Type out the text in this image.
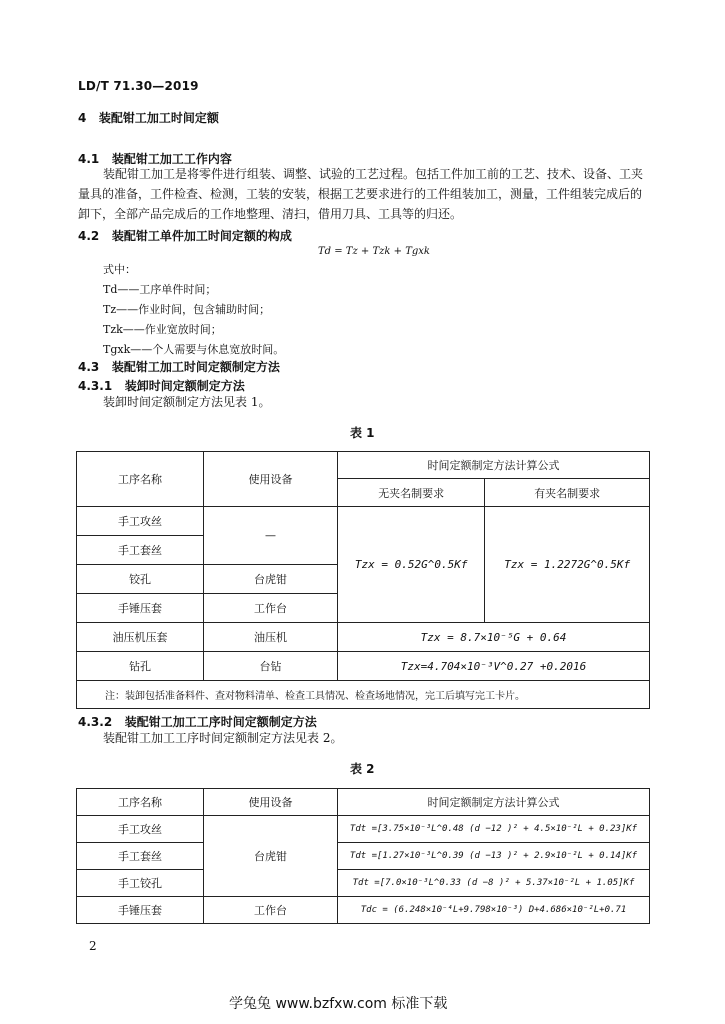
LD/T 71.30—2019
4 装配钳工加工时间定额
4.1 装配钳工加工工作内容
装配钳工加工是将零件进行组装、调整、试验的工艺过程。包括工件加工前的工艺、技术、设备、工夹
量具的准备，工件检查、检测，工装的安装，根据工艺要求进行的工件组装加工，测量，工件组装完成后的
卸下，全部产品完成后的工作地整理、清扫，借用刀具、工具等的归还。
4.2 装配钳工单件加工时间定额的构成
Td = Tz + Tzk + Tgxk
式中：
Td——工序单件时间；
Tz——作业时间，包含辅助时间；
Tzk——作业宽放时间；
Tgxk——个人需要与休息宽放时间。
4.3 装配钳工加工时间定额制定方法
4.3.1 装卸时间定额制定方法
装卸时间定额制定方法见表 1。
表 1
工序名称	使用设备	时间定额制定方法计算公式	
		无夹名制要求	有夹名制要求
手工攻丝	—	Tzx = 0.52G^0.5Kf	Tzx = 1.2272G^0.5Kf
手工套丝			
铰孔	台虎钳		
手锤压套	工作台		
油压机压套	油压机	Tzx = 8.7×10⁻⁵G + 0.64	
钻孔	台钻	Tzx=4.704×10⁻³V^0.27 +0.2016	
注：装卸包括准备料件、查对物料清单、检查工具情况、检查场地情况，完工后填写完工卡片。			
4.3.2 装配钳工加工工序时间定额制定方法
装配钳工加工工序时间定额制定方法见表 2。
表 2
工序名称	使用设备	时间定额制定方法计算公式
手工攻丝	台虎钳	Tdt =[3.75×10⁻³L^0.48 (d −12 )² + 4.5×10⁻²L + 0.23]Kf
手工套丝		Tdt =[1.27×10⁻³L^0.39 (d −13 )² + 2.9×10⁻²L + 0.14]Kf
手工铰孔		Tdt =[7.0×10⁻³L^0.33 (d −8 )² + 5.37×10⁻²L + 1.05]Kf
手锤压套	工作台	Tdc = (6.248×10⁻⁴L+9.798×10⁻³) D+4.686×10⁻²L+0.71
2
学兔兔 www.bzfxw.com 标准下载
